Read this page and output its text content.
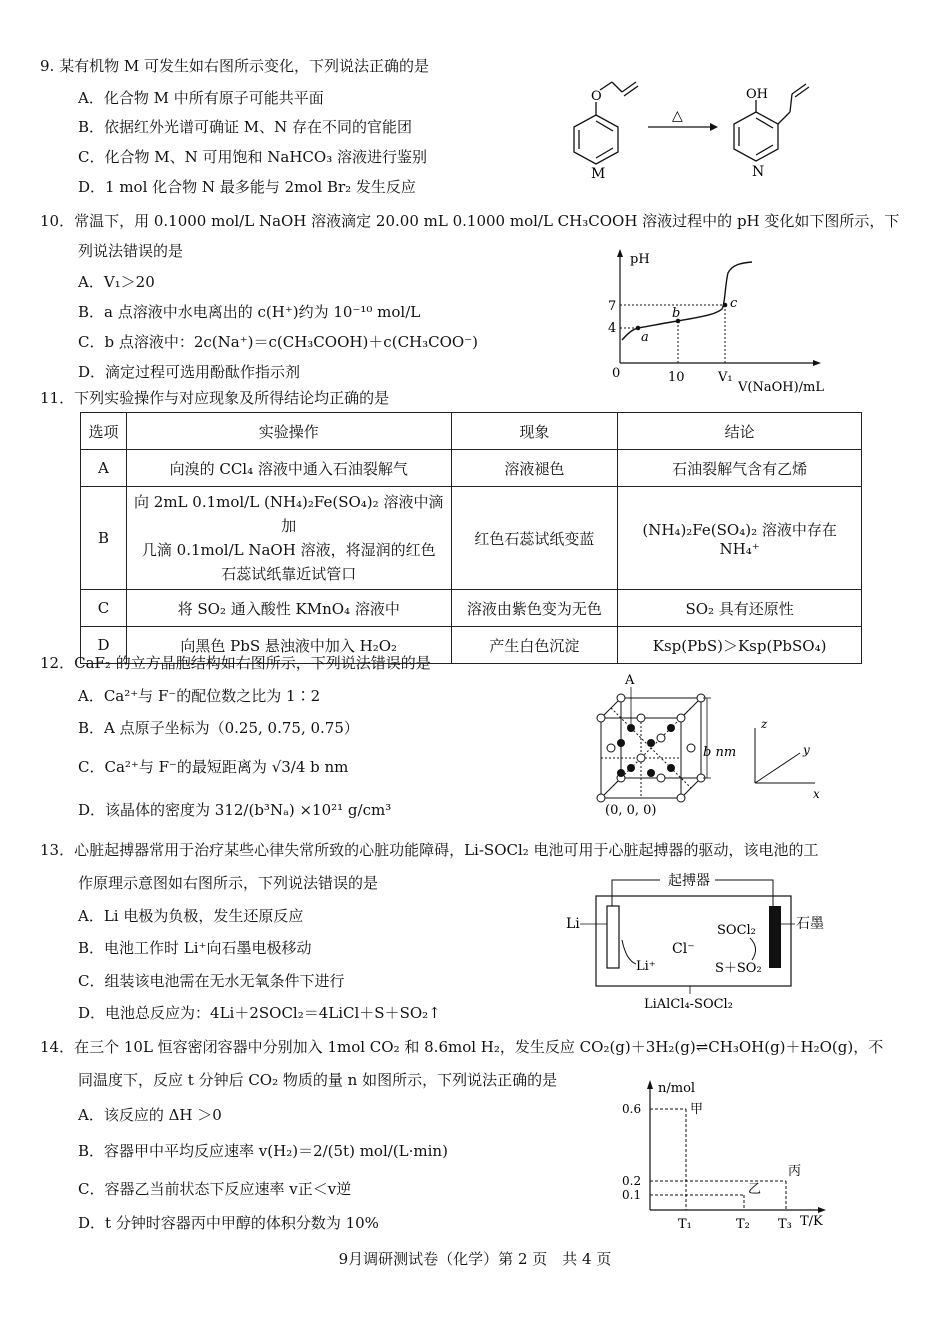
9. 某有机物 M 可发生如右图所示变化，下列说法正确的是
A．化合物 M 中所有原子可能共平面
B．依据红外光谱可确证 M、N 存在不同的官能团
C．化合物 M、N 可用饱和 NaHCO₃ 溶液进行鉴别
D．1 mol 化合物 N 最多能与 2mol Br₂ 发生反应
O
M
△
OH
N
10．常温下，用 0.1000 mol/L NaOH 溶液滴定 20.00 mL 0.1000 mol/L CH₃COOH 溶液过程中的 pH 变化如下图所示，下
列说法错误的是
A．V₁＞20
B．a 点溶液中水电离出的 c(H⁺)约为 10⁻¹⁰ mol/L
C．b 点溶液中：2c(Na⁺)＝c(CH₃COOH)＋c(CH₃COO⁻)
D．滴定过程可选用酚酞作指示剂
pH
V(NaOH)/mL
0	10	V₁
4
7
a
b
c
11．下列实验操作与对应现象及所得结论均正确的是
选项	实验操作	现象	结论
A	向溴的 CCl₄ 溶液中通入石油裂解气	溶液褪色	石油裂解气含有乙烯
B	向 2mL 0.1mol/L (NH₄)₂Fe(SO₄)₂ 溶液中滴加
几滴 0.1mol/L NaOH 溶液，将湿润的红色
石蕊试纸靠近试管口	红色石蕊试纸变蓝	(NH₄)₂Fe(SO₄)₂ 溶液中存在 NH₄⁺
C	将 SO₂ 通入酸性 KMnO₄ 溶液中	溶液由紫色变为无色	SO₂ 具有还原性
D	向黑色 PbS 悬浊液中加入 H₂O₂	产生白色沉淀	Ksp(PbS)＞Ksp(PbSO₄)
12．CaF₂ 的立方晶胞结构如右图所示，下列说法错误的是
A．Ca²⁺与 F⁻的配位数之比为 1∶2
B．A 点原子坐标为（0.25, 0.75, 0.75）
C．Ca²⁺与 F⁻的最短距离为 √3/4 b nm
D．该晶体的密度为 312/(b³Nₐ) ×10²¹ g/cm³
A
b nm
(0, 0, 0)
x
z
y
13．心脏起搏器常用于治疗某些心律失常所致的心脏功能障碍，Li-SOCl₂ 电池可用于心脏起搏器的驱动，该电池的工
作原理示意图如右图所示，下列说法错误的是
A．Li 电极为负极，发生还原反应
B．电池工作时 Li⁺向石墨电极移动
C．组装该电池需在无水无氧条件下进行
D．电池总反应为：4Li＋2SOCl₂＝4LiCl＋S＋SO₂↑
起搏器
Li	石墨
Cl⁻
Li⁺
SOCl₂
S＋SO₂
LiAlCl₄-SOCl₂
14．在三个 10L 恒容密闭容器中分别加入 1mol CO₂ 和 8.6mol H₂，发生反应 CO₂(g)＋3H₂(g)⇌CH₃OH(g)＋H₂O(g)，不
同温度下，反应 t 分钟后 CO₂ 物质的量 n 如图所示，下列说法正确的是
A．该反应的 ΔH ＞0
B．容器甲中平均反应速率 v(H₂)＝2/(5t) mol/(L·min)
C．容器乙当前状态下反应速率 v正＜v逆
D．t 分钟时容器丙中甲醇的体积分数为 10%
n/mol
T/K
T₁	T₂ T₃
0.1
0.2
0.6	甲
乙
丙
9月调研测试卷（化学）第 2 页　共 4 页
